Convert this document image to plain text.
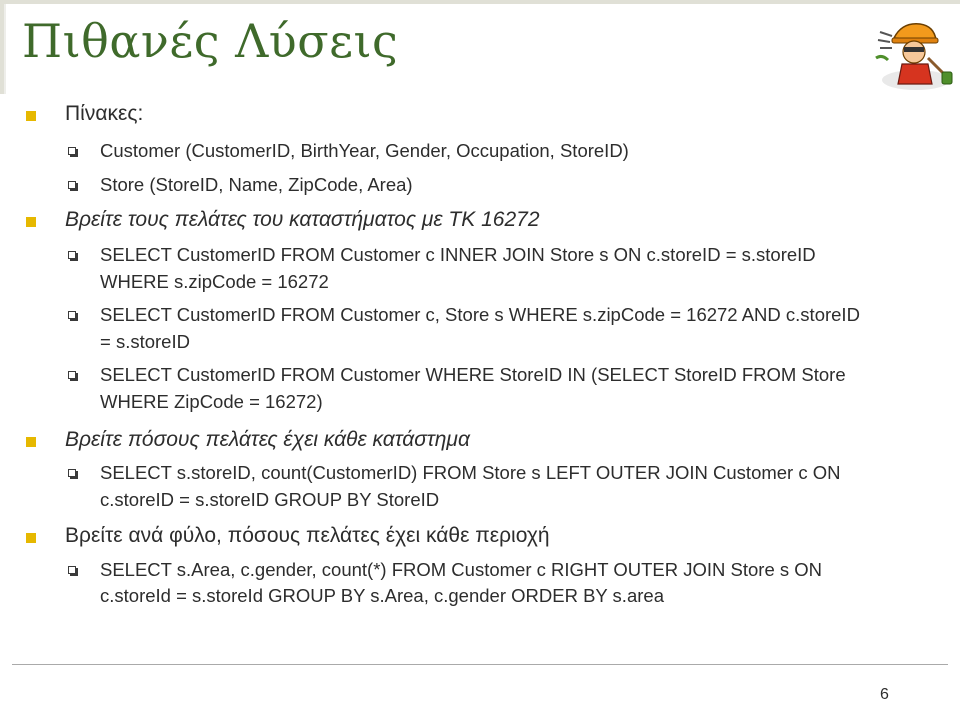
Πιθανές Λύσεις
Πίνακες:
Customer (CustomerID, BirthYear, Gender, Occupation, StoreID)
Store (StoreID, Name, ZipCode, Area)
Βρείτε τους πελάτες του καταστήματος με ΤΚ 16272
SELECT CustomerID FROM Customer c INNER JOIN Store s ON c.storeID = s.storeID
WHERE s.zipCode = 16272
SELECT CustomerID FROM Customer c, Store s WHERE s.zipCode = 16272 AND c.storeID
= s.storeID
SELECT CustomerID FROM Customer WHERE StoreID IN (SELECT StoreID FROM Store
WHERE ZipCode = 16272)
Βρείτε πόσους πελάτες έχει κάθε κατάστημα
SELECT s.storeID, count(CustomerID) FROM Store s LEFT OUTER JOIN Customer c ON
c.storeID = s.storeID GROUP BY StoreID
Βρείτε ανά φύλο, πόσους πελάτες έχει κάθε περιοχή
SELECT s.Area, c.gender, count(*) FROM Customer c RIGHT OUTER JOIN Store s ON
c.storeId = s.storeId GROUP BY s.Area, c.gender ORDER BY s.area
6
